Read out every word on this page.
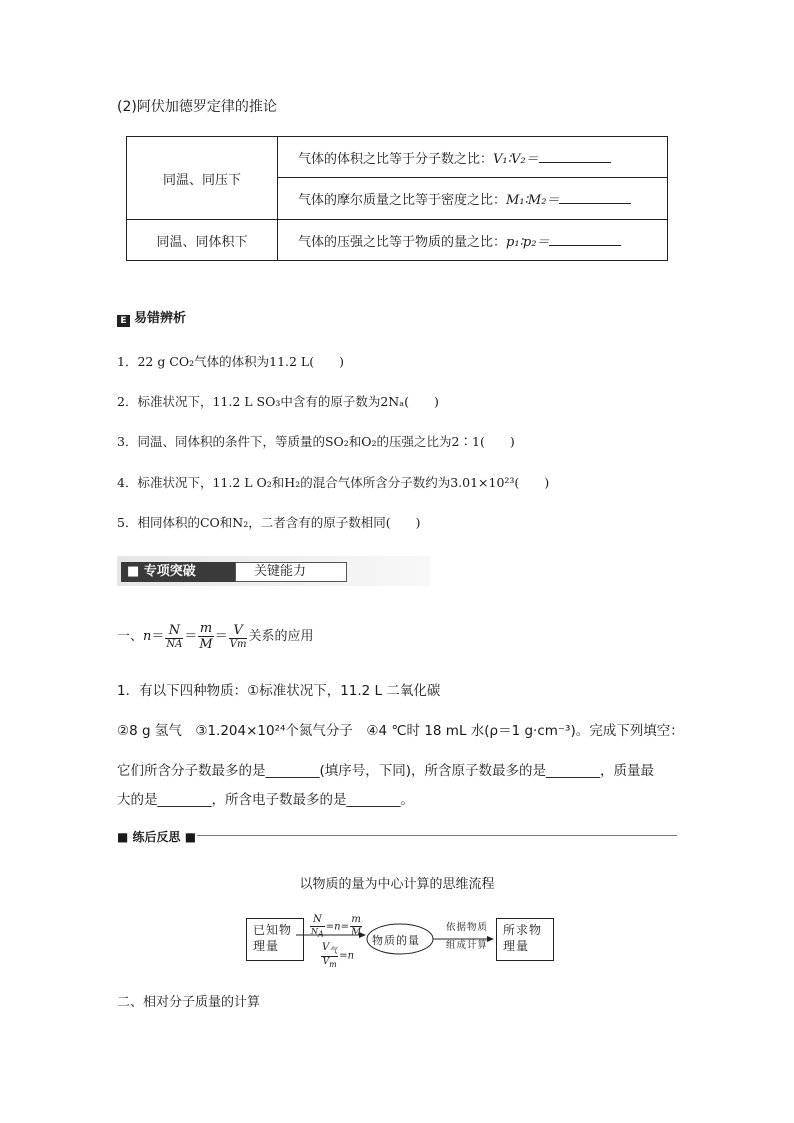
(2)阿伏加德罗定律的推论
同温、同压下	气体的体积之比等于分子数之比：V₁∶V₂＝
	气体的摩尔质量之比等于密度之比：M₁∶M₂＝
同温、同体积下	气体的压强之比等于物质的量之比：p₁∶p₂＝
E 易错辨析
1．22 g CO₂气体的体积为11.2 L(　　)
2．标准状况下，11.2 L SO₃中含有的原子数为2Nₐ(　　)
3．同温、同体积的条件下，等质量的SO₂和O₂的压强之比为2∶1(　　)
4．标准状况下，11.2 L O₂和H₂的混合气体所含分子数约为3.01×10²³(　　)
5．相同体积的CO和N₂，二者含有的原子数相同(　　)
■ 专项突破	关键能力
一、$n= \frac{N}{NA} = \frac{m}{M} = \frac{V}{Vm}$ 关系的应用
1．有以下四种物质：①标准状况下，11.2 L 二氧化碳
②8 g 氢气　③1.204×10²⁴个氮气分子　④4 ℃时 18 mL 水(ρ＝1 g·cm⁻³)。完成下列填空：
它们所含分子数最多的是________(填序号，下同)，所含原子数最多的是________，质量最
大的是________，所含电子数最多的是________。
■ 练后反思 ■
以物质的量为中心计算的思维流程
已知物
理量
$\frac{N}{N_A} =n= \frac{m}{M}$
$\frac{V_气}{V_m} =n$
物质的量
依据物质
组成计算
所求物
理量
二、相对分子质量的计算
